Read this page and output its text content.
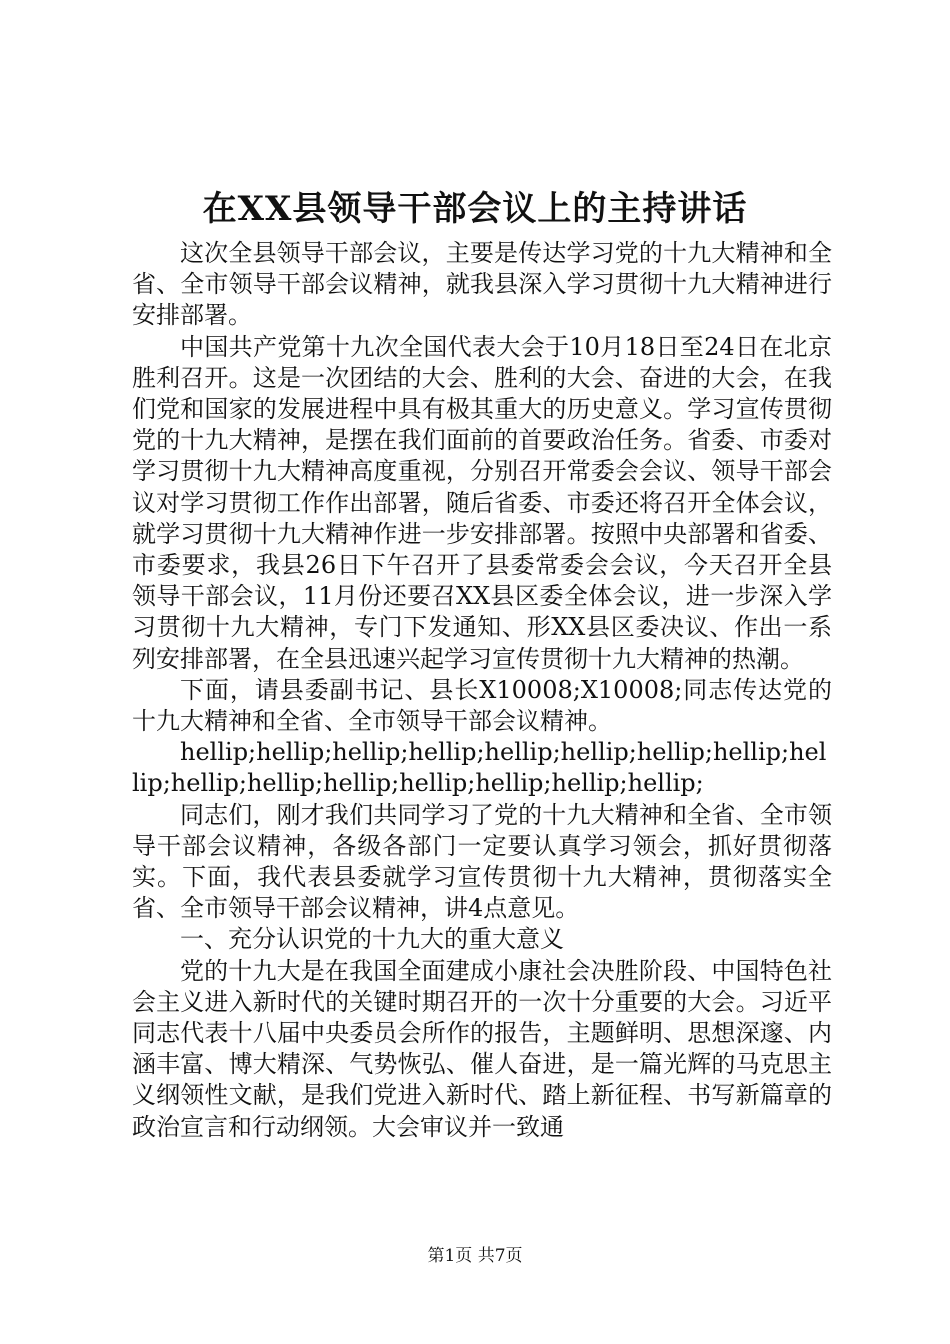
在XX县领导干部会议上的主持讲话

这次全县领导干部会议，主要是传达学习党的十九大精神和全省、全市领导干部会议精神，就我县深入学习贯彻十九大精神进行安排部署。

中国共产党第十九次全国代表大会于10月18日至24日在北京胜利召开。这是一次团结的大会、胜利的大会、奋进的大会，在我们党和国家的发展进程中具有极其重大的历史意义。学习宣传贯彻党的十九大精神，是摆在我们面前的首要政治任务。省委、市委对学习贯彻十九大精神高度重视，分别召开常委会会议、领导干部会议对学习贯彻工作作出部署，随后省委、市委还将召开全体会议，就学习贯彻十九大精神作进一步安排部署。按照中央部署和省委、市委要求，我县26日下午召开了县委常委会会议，今天召开全县领导干部会议，11月份还要召XX县区委全体会议，进一步深入学习贯彻十九大精神，专门下发通知、形XX县区委决议、作出一系列安排部署，在全县迅速兴起学习宣传贯彻十九大精神的热潮。

下面，请县委副书记、县长X10008;X10008;同志传达党的十九大精神和全省、全市领导干部会议精神。

hellip;hellip;hellip;hellip;hellip;hellip;hellip;hellip;hellip;hellip;hellip;hellip;hellip;hellip;hellip;hellip;

同志们，刚才我们共同学习了党的十九大精神和全省、全市领导干部会议精神，各级各部门一定要认真学习领会，抓好贯彻落实。下面，我代表县委就学习宣传贯彻十九大精神，贯彻落实全省、全市领导干部会议精神，讲4点意见。

一、充分认识党的十九大的重大意义

党的十九大是在我国全面建成小康社会决胜阶段、中国特色社会主义进入新时代的关键时期召开的一次十分重要的大会。习近平同志代表十八届中央委员会所作的报告，主题鲜明、思想深邃、内涵丰富、博大精深、气势恢弘、催人奋进，是一篇光辉的马克思主义纲领性文献，是我们党进入新时代、踏上新征程、书写新篇章的政治宣言和行动纲领。大会审议并一致通

第1页 共7页
